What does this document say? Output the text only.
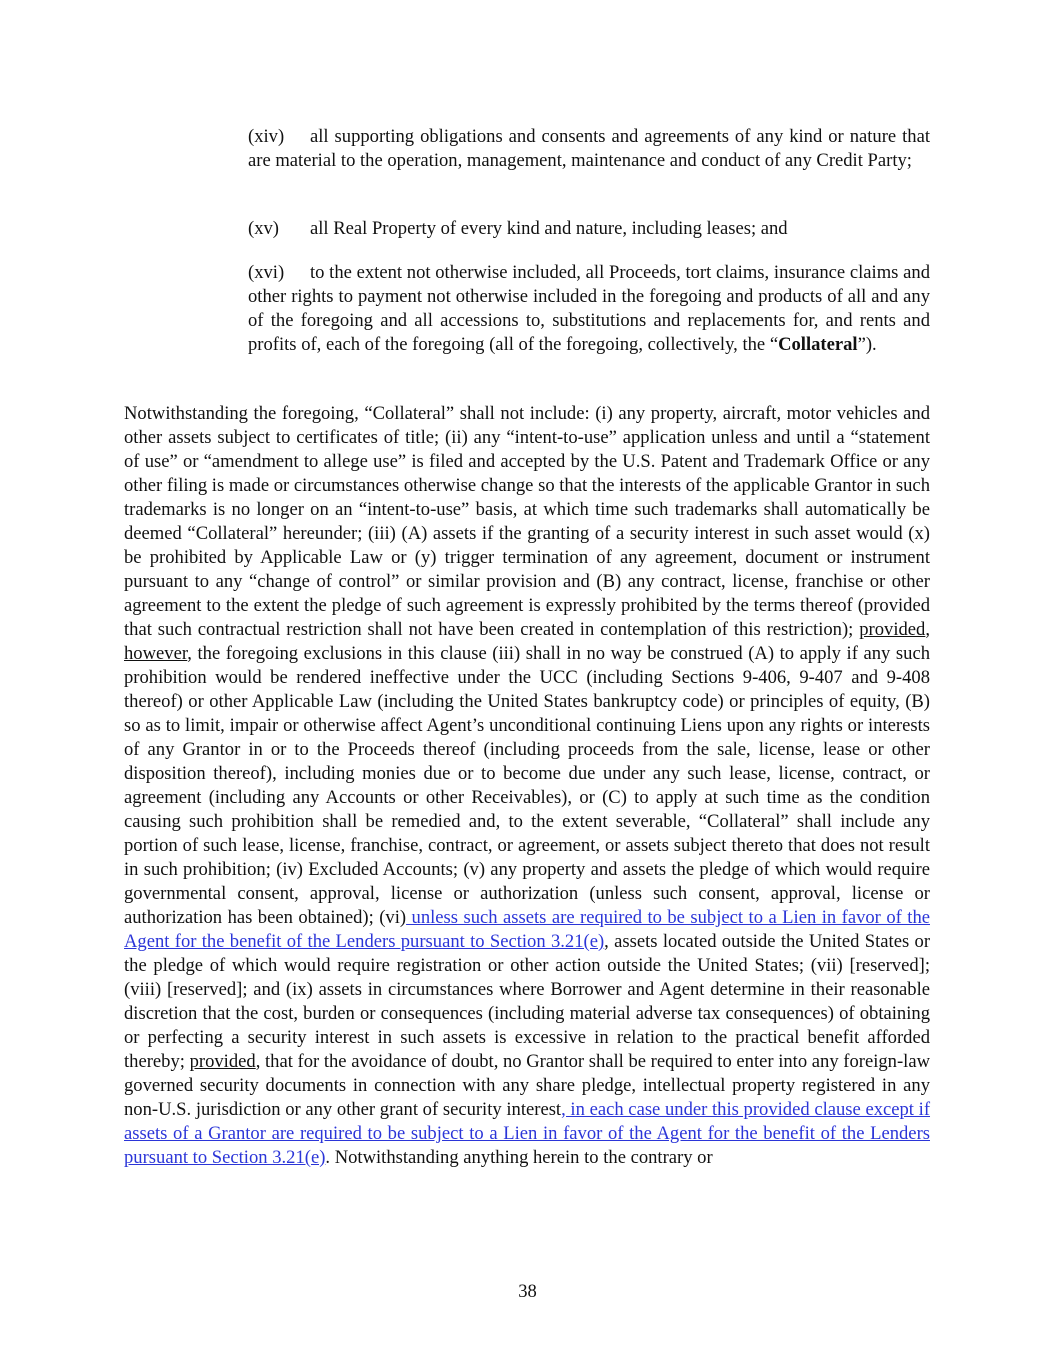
(xiv) all supporting obligations and consents and agreements of any kind or nature that are material to the operation, management, maintenance and conduct of any Credit Party;
(xv) all Real Property of every kind and nature, including leases; and
(xvi) to the extent not otherwise included, all Proceeds, tort claims, insurance claims and other rights to payment not otherwise included in the foregoing and products of all and any of the foregoing and all accessions to, substitutions and replacements for, and rents and profits of, each of the foregoing (all of the foregoing, collectively, the “Collateral”).
Notwithstanding the foregoing, “Collateral” shall not include: (i) any property, aircraft, motor vehicles and other assets subject to certificates of title; (ii) any “intent-to-use” application unless and until a “statement of use” or “amendment to allege use” is filed and accepted by the U.S. Patent and Trademark Office or any other filing is made or circumstances otherwise change so that the interests of the applicable Grantor in such trademarks is no longer on an “intent-to-use” basis, at which time such trademarks shall automatically be deemed “Collateral” hereunder; (iii) (A) assets if the granting of a security interest in such asset would (x) be prohibited by Applicable Law or (y) trigger termination of any agreement, document or instrument pursuant to any “change of control” or similar provision and (B) any contract, license, franchise or other agreement to the extent the pledge of such agreement is expressly prohibited by the terms thereof (provided that such contractual restriction shall not have been created in contemplation of this restriction); provided, however, the foregoing exclusions in this clause (iii) shall in no way be construed (A) to apply if any such prohibition would be rendered ineffective under the UCC (including Sections 9-406, 9-407 and 9-408 thereof) or other Applicable Law (including the United States bankruptcy code) or principles of equity, (B) so as to limit, impair or otherwise affect Agent’s unconditional continuing Liens upon any rights or interests of any Grantor in or to the Proceeds thereof (including proceeds from the sale, license, lease or other disposition thereof), including monies due or to become due under any such lease, license, contract, or agreement (including any Accounts or other Receivables), or (C) to apply at such time as the condition causing such prohibition shall be remedied and, to the extent severable, “Collateral” shall include any portion of such lease, license, franchise, contract, or agreement, or assets subject thereto that does not result in such prohibition; (iv) Excluded Accounts; (v) any property and assets the pledge of which would require governmental consent, approval, license or authorization (unless such consent, approval, license or authorization has been obtained); (vi) unless such assets are required to be subject to a Lien in favor of the Agent for the benefit of the Lenders pursuant to Section 3.21(e), assets located outside the United States or the pledge of which would require registration or other action outside the United States; (vii) [reserved]; (viii) [reserved]; and (ix) assets in circumstances where Borrower and Agent determine in their reasonable discretion that the cost, burden or consequences (including material adverse tax consequences) of obtaining or perfecting a security interest in such assets is excessive in relation to the practical benefit afforded thereby; provided, that for the avoidance of doubt, no Grantor shall be required to enter into any foreign-law governed security documents in connection with any share pledge, intellectual property registered in any non-U.S. jurisdiction or any other grant of security interest, in each case under this provided clause except if assets of a Grantor are required to be subject to a Lien in favor of the Agent for the benefit of the Lenders pursuant to Section 3.21(e). Notwithstanding anything herein to the contrary or
38
